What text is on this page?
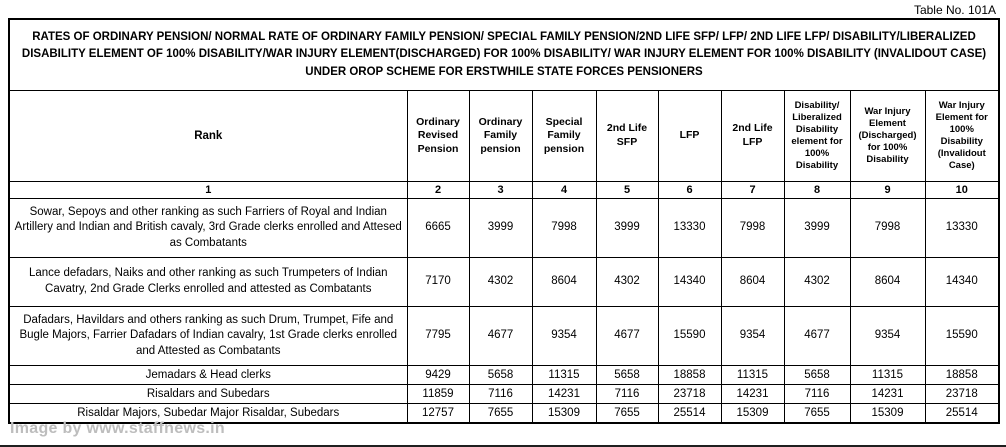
Table No. 101A
RATES OF ORDINARY PENSION/ NORMAL RATE OF ORDINARY FAMILY PENSION/ SPECIAL FAMILY PENSION/2ND LIFE SFP/ LFP/ 2ND LIFE LFP/ DISABILITY/LIBERALIZED DISABILITY ELEMENT OF 100% DISABILITY/WAR INJURY ELEMENT(DISCHARGED) FOR 100% DISABILITY/ WAR INJURY ELEMENT FOR 100% DISABILITY (INVALIDOUT CASE) UNDER OROP SCHEME FOR ERSTWHILE STATE FORCES PENSIONERS									
Rank	Ordinary Revised Pension	Ordinary Family pension	Special Family pension	2nd Life SFP	LFP	2nd Life LFP	Disability/ Liberalized Disability element for 100% Disability	War Injury Element (Discharged) for 100% Disability	War Injury Element for 100% Disability (Invalidout Case)
1	2	3	4	5	6	7	8	9	10
Sowar, Sepoys and other ranking as such Farriers of Royal and Indian Artillery and Indian and British cavaly, 3rd Grade clerks enrolled and Attesed as Combatants	6665	3999	7998	3999	13330	7998	3999	7998	13330
Lance defadars, Naiks and other ranking as such Trumpeters of Indian Cavatry, 2nd Grade Clerks enrolled and attested as Combatants	7170	4302	8604	4302	14340	8604	4302	8604	14340
Dafadars, Havildars and others ranking as such Drum, Trumpet, Fife and Bugle Majors, Farrier Dafadars of Indian cavalry, 1st Grade clerks enrolled and Attested as Combatants	7795	4677	9354	4677	15590	9354	4677	9354	15590
Jemadars & Head clerks	9429	5658	11315	5658	18858	11315	5658	11315	18858
Risaldars and Subedars	11859	7116	14231	7116	23718	14231	7116	14231	23718
Risaldar Majors, Subedar Major Risaldar, Subedars	12757	7655	15309	7655	25514	15309	7655	15309	25514
Image by www.staffnews.in
